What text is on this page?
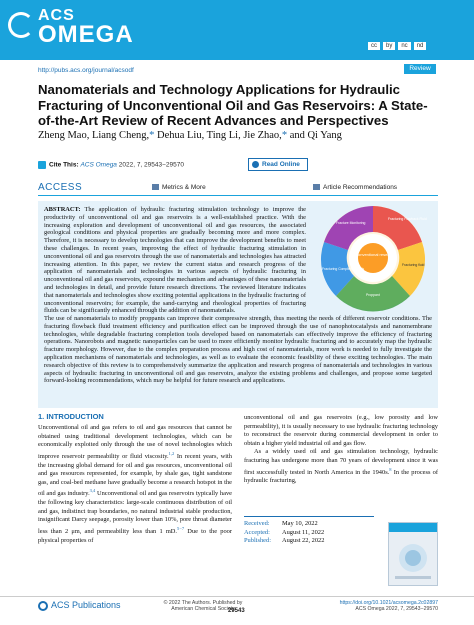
ACS
OMEGA	cc	by	nc	nd
http://pubs.acs.org/journal/acsodf	Review
Nanomaterials and Technology Applications for Hydraulic Fracturing of Unconventional Oil and Gas Reservoirs: A State-of-the-Art Review of Recent Advances and Perspectives
Zheng Mao, Liang Cheng,* Dehua Liu, Ting Li, Jie Zhao,* and Qi Yang
Cite This: ACS Omega 2022, 7, 29543−29570	Read Online
ACCESS	Metrics & More	Article Recommendations
ABSTRACT: The application of hydraulic fracturing stimulation technology to improve the productivity of unconventional oil and gas reservoirs is a well-established practice. With the increasing exploration and development of unconventional oil and gas resources, the associated geological conditions and physical properties are gradually becoming more and more complex. Therefore, it is necessary to develop technologies that can improve the development benefits to meet these challenges. In recent years, improving the effect of hydraulic fracturing stimulation in unconventional oil and gas reservoirs through the use of nanomaterials and technologies has attracted increasing attention. In this paper, we review the current status and research progress of the application of nanomaterials and technologies in various aspects of hydraulic fracturing in unconventional oil and gas reservoirs, expound the mechanism and advantages of these nanomaterials and technologies in detail, and provide future research directions. The reviewed literature indicates that nanomaterials and technologies show exciting potential applications in the hydraulic fracturing of unconventional reservoirs; for example, the sand-carrying and rheological properties of fracturing fluids can be significantly enhanced through the addition of nanomaterials.
The use of nanomaterials to modify proppants can improve their compressive strength, thus meeting the needs of different reservoir conditions. The fracturing flowback fluid treatment efficiency and purification effect can be improved through the use of nanophotocatalysis and nanomembrane technologies, while degradable fracturing completion tools developed based on nanomaterials can effectively improve the efficiency of fracturing operations. Nanorobots and magnetic nanoparticles can be used to more efficiently monitor hydraulic fracturing and to accurately map the hydraulic fracture morphology. However, due to the complex preparation process and high cost of nanomaterials, more work is needed to fully investigate the application mechanisms of nanomaterials and technologies, as well as to evaluate the economic feasibility of these exciting technologies. The main research objective of this review is to comprehensively summarize the application and research progress of nanomaterials and technologies in various aspects of hydraulic fracturing in unconventional oil and gas reservoirs, analyze the existing problems and challenges, and propose some targeted forward-looking recommendations, which may be helpful for future research and applications.
Unconventional reservoir
Fracturing Flowback Fluid
Fracturing fluid
Proppant
Fracturing Completion Tools
Fracture Monitoring
1. INTRODUCTION
Unconventional oil and gas refers to oil and gas resources that cannot be obtained using traditional development technologies, which can be economically exploited only through the use of novel technologies which improve reservoir permeability or fluid viscosity.$^{1,2}$ In recent years, with the increasing global demand for oil and gas resources, unconventional oil and gas resources represented, for example, by shale gas, tight sandstone gas, and coal-bed methane have gradually become a research hotspot in the oil and gas industry.$^{3,4}$ Unconventional oil and gas reservoirs typically have the following key characteristics: large-scale continuous distribution of oil and gas, indistinct trap boundaries, no natural industrial stable production, insignificant Darcy seepage, porosity lower than 10%, pore throat diameter less than 2 μm, and permeability less than 1 mD.$^{5-7}$ Due to the poor physical properties of

unconventional oil and gas reservoirs (e.g., low porosity and low permeability), it is usually necessary to use hydraulic fracturing technology to reconstruct the reservoir during commercial development in order to obtain a higher yield industrial oil and gas flow.

As a widely used oil and gas stimulation technology, hydraulic fracturing has undergone more than 70 years of development since it was first successfully tested in North America in the 1940s.$^8$ In the process of hydraulic fracturing,

Received: May 10, 2022
Accepted: August 11, 2022
Published: August 22, 2022
ACS Publications	© 2022 The Authors. Published by
American Chemical Society
29543
https://doi.org/10.1021/acsomega.2c02897
ACS Omega 2022, 7, 29543−29570
